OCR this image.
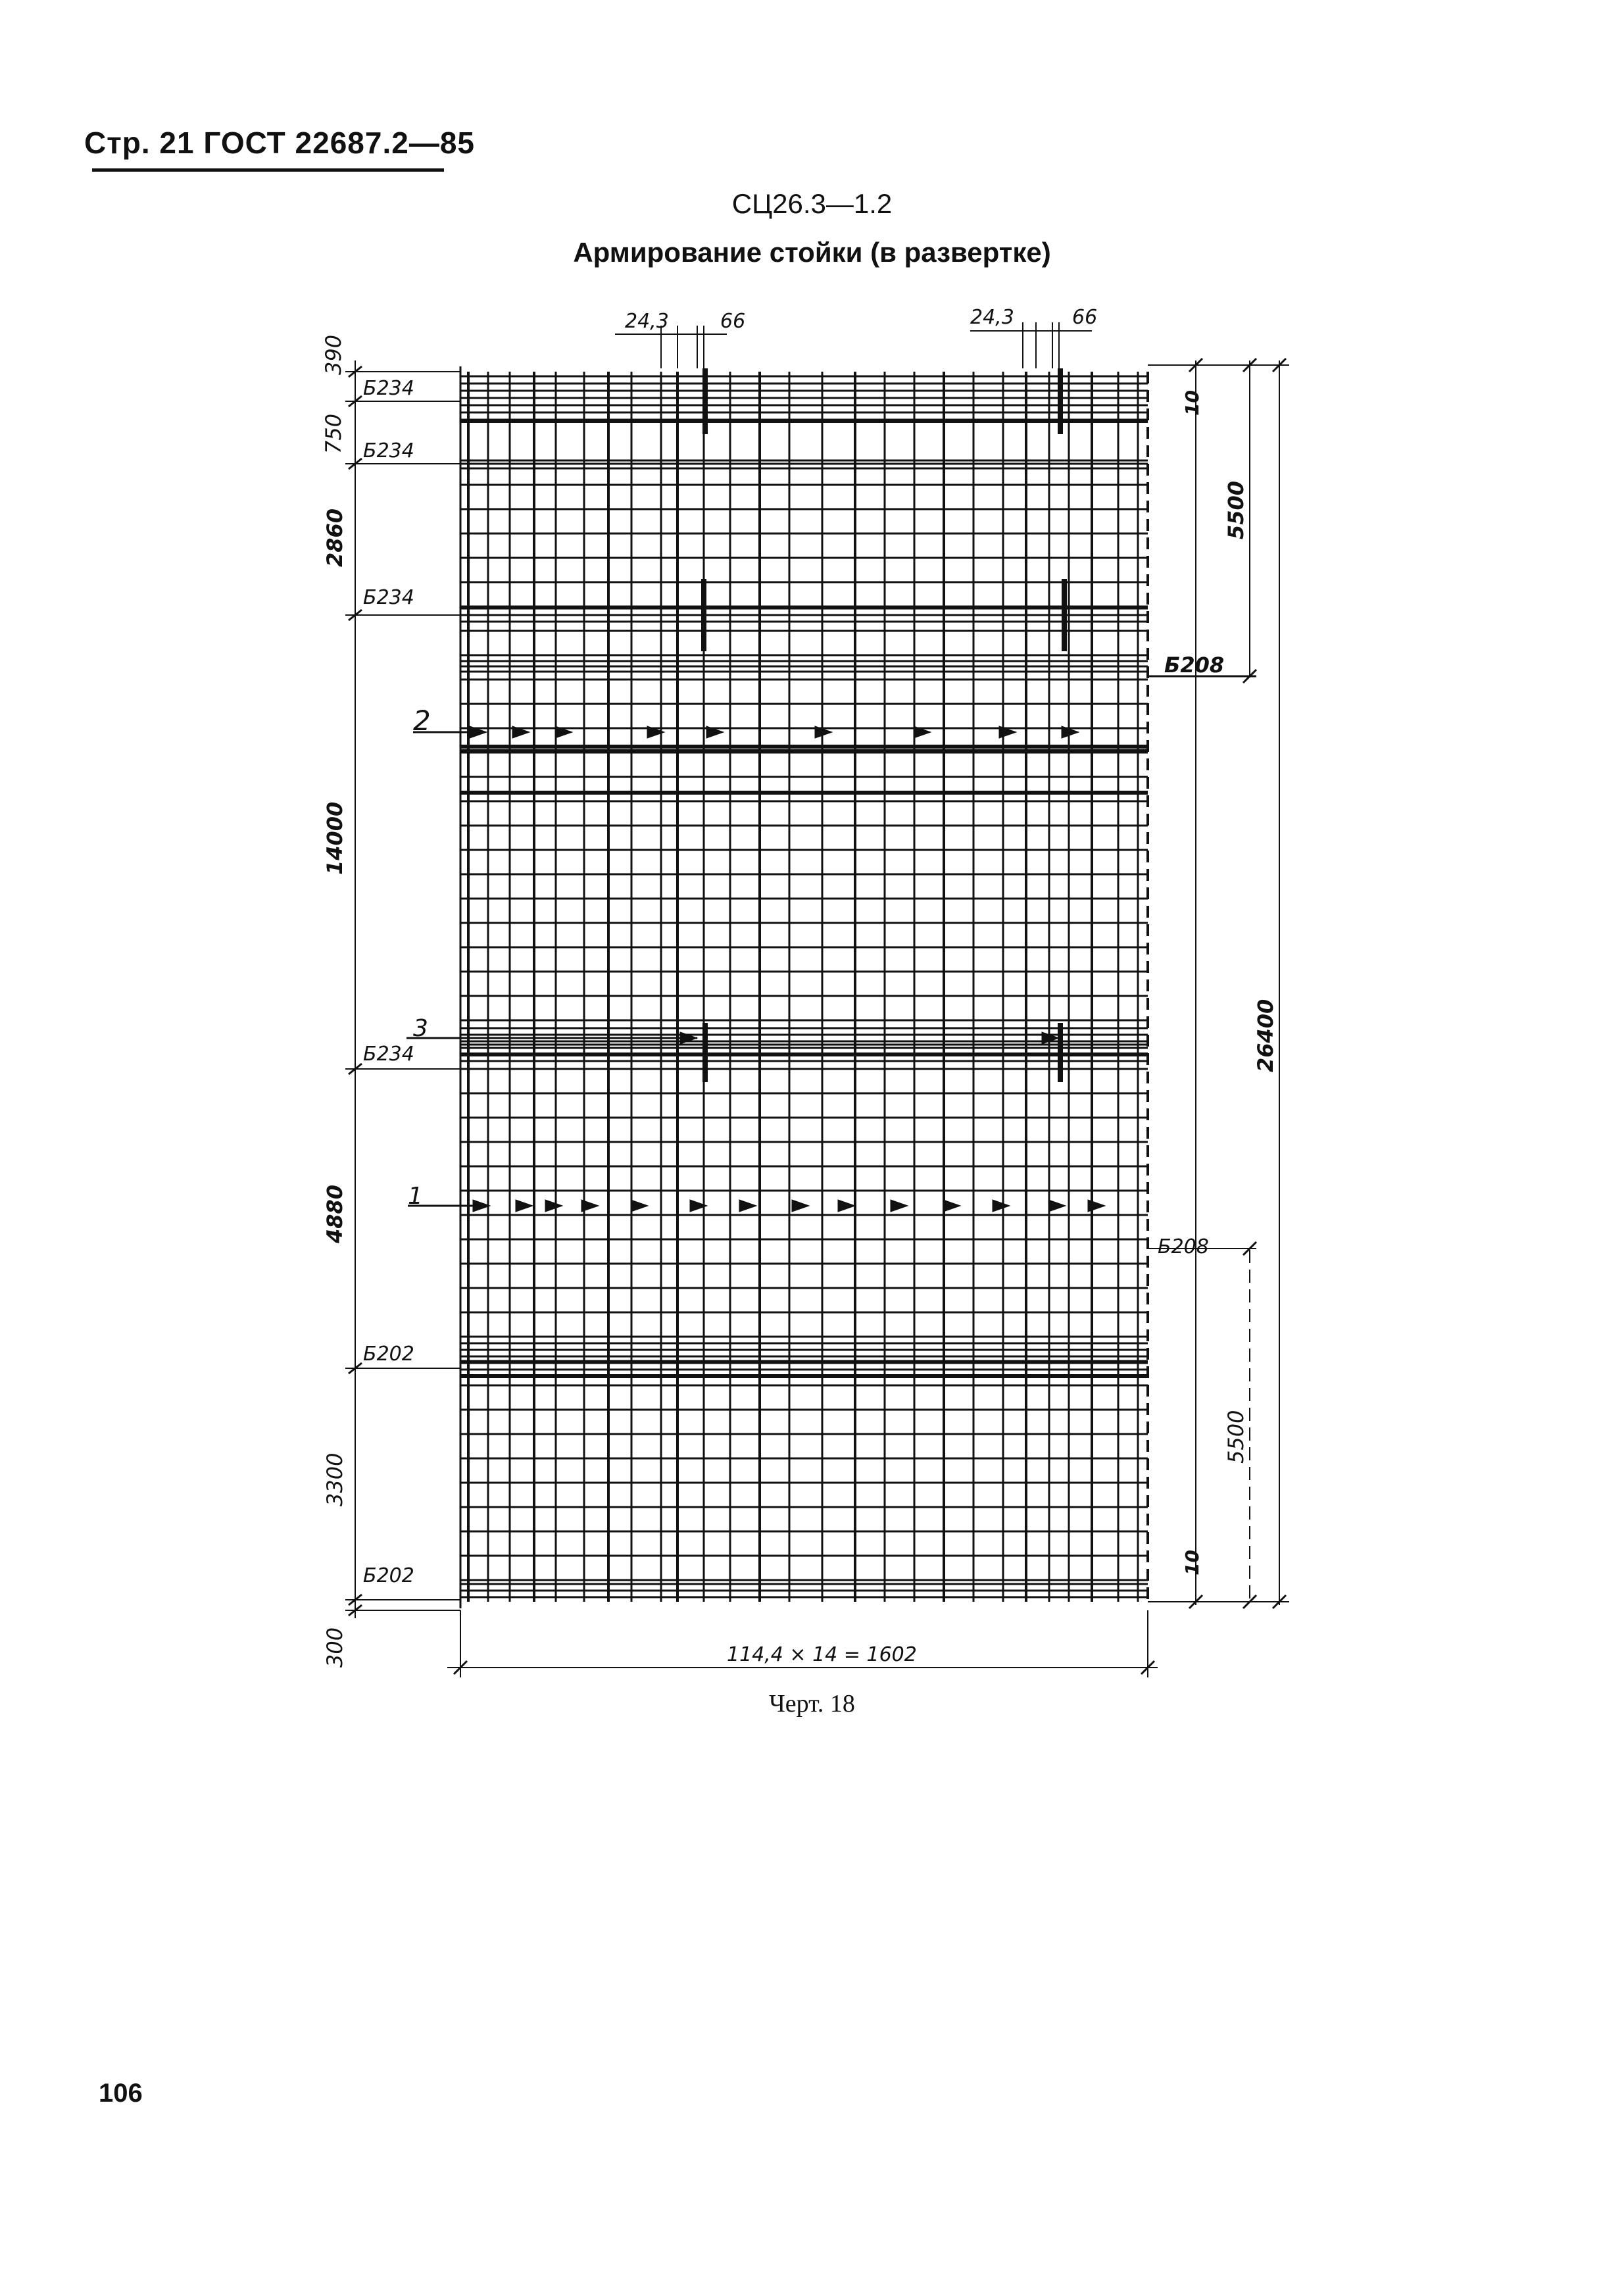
Стр. 21 ГОСТ 22687.2—85
СЦ26.3—1.2
Армирование стойки (в развертке)
24,3	66	24,3	66
390
750
2860
14000
4880
3300
300
Б234
Б234
Б234
Б234
Б202
Б202
2
3
1
10
5500
Б208
26400
Б208
5500
10
114,4 × 14 = 1602
Черт. 18
106
